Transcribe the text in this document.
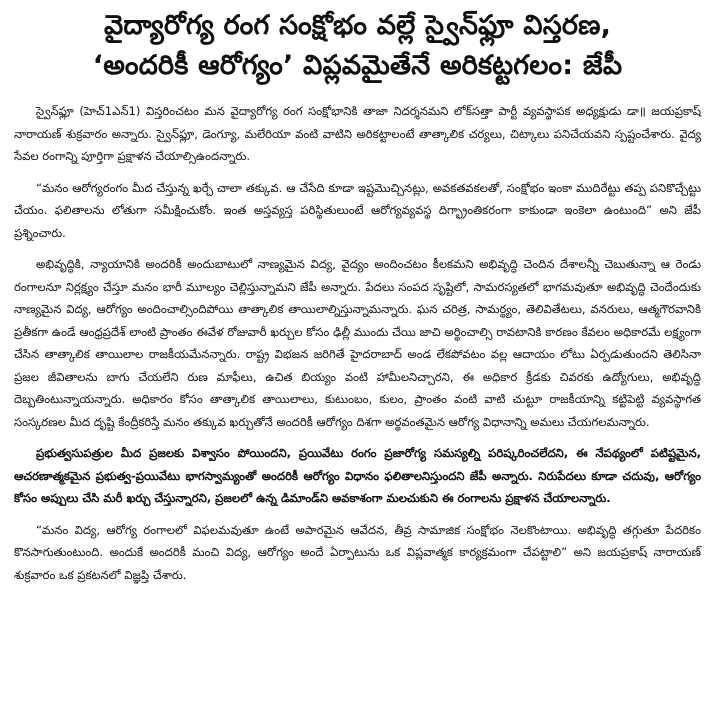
వైద్యారోగ్య రంగ సంక్షోభం వల్లే స్వైన్‌ఫ్లూ విస్తరణ,
‘అందరికీ ఆరోగ్యం’ విప్లవమైతేనే అరికట్టగలం: జేపీ

స్వైన్‌ఫ్లూ (హెచ్1ఎన్1) విస్తరించటం మన వైద్యారోగ్య రంగ సంక్షోభానికి తాజా నిదర్శనమని లోక్‌సత్తా పార్టీ వ్యవస్థాపక అధ్యక్షుడు డా॥ జయప్రకాష్ నారాయణ్ శుక్రవారం అన్నారు. స్వైన్‌ఫ్లూ, డెంగ్యూ, మలేరియా వంటి వాటిని అరికట్టాలంటే తాత్కాలిక చర్యలు, చిట్కాలు పనిచేయవని స్పష్టంచేశారు. వైద్య సేవల రంగాన్ని పూర్తిగా ప్రక్షాళన చేయాల్సిఉందన్నారు.

“మనం ఆరోగ్యరంగం మీద చేస్తున్న ఖర్చే చాలా తక్కువ. ఆ చేసేది కూడా ఇష్టమొచ్చినట్లు, అవకతవకలతో, సంక్షోభం ఇంకా ముదిరేట్టు తప్ప పనికొచ్చేట్టు చేయం. ఫలితాలను లోతుగా సమీక్షించుకోం. ఇంత అస్తవ్యస్త పరిస్థితులుంటే ఆరోగ్యవ్యవస్థ దిగ్భ్రాంతికరంగా కాకుండా ఇంకెలా ఉంటుంది” అని జేపీ ప్రశ్నించారు.

అభివృద్ధికి, న్యాయానికి అందరికీ అందుబాటులో నాణ్యమైన విద్య, వైద్యం అందించటం కీలకమని అభివృద్ధి చెందిన దేశాలన్నీ చెబుతున్నా ఆ రెండు రంగాలనూ నిర్లక్ష్యం చేస్తూ మనం భారీ మూల్యం చెల్లిస్తున్నామని జేపీ అన్నారు. పేదలు సంపద సృష్టిలో, సామరస్యతలో భాగమవుతూ అభివృద్ధి చెందేందుకు నాణ్యమైన విద్య, ఆరోగ్యం అందించాల్సిందిపోయి తాత్కాలిక తాయిలాల్నిస్తున్నామన్నారు. ఘన చరిత్ర, సామర్థ్యం, తెలివితేటలు, వనరులు, ఆత్మగౌరవానికి ప్రతీకగా ఉండే ఆంధ్రప్రదేశ్ లాంటి ప్రాంతం ఈవేళ రోజువారీ ఖర్చుల కోసం ఢిల్లీ ముందు చేయి జాచి అర్థించాల్సి రావటానికి కారణం కేవలం అధికారమే లక్ష్యంగా చేసిన తాత్కాలిక తాయిలాల రాజకీయమేనన్నారు. రాష్ట్ర విభజన జరిగితే హైదరాబాద్ అండ లేకపోవటం వల్ల ఆదాయం లోటు ఏర్పడుతుందని తెలిసినా ప్రజల జీవితాలను బాగు చేయలేని రుణ మాఫీలు, ఉచిత బియ్యం వంటి హామీలనిచ్చారని, ఈ అధికార క్రీడకు చివరకు ఉద్యోగులు, అభివృద్ధి దెబ్బతింటున్నాయన్నారు. అధికారం కోసం తాత్కాలిక తాయిలాలు, కుటుంబం, కులం, ప్రాంతం వంటి వాటి చుట్టూ రాజకీయాన్ని కట్టిపెట్టి వ్యవస్థాగత సంస్కరణల మీద దృష్టి కేంద్రీకరిస్తే మనం తక్కువ ఖర్చుతోనే అందరికీ ఆరోగ్యం దిశగా అర్థవంతమైన ఆరోగ్య విధానాన్ని అమలు చేయగలమన్నారు.

ప్రభుత్వసుపత్రుల మీద ప్రజలకు విశ్వాసం పోయిందని, ప్రయివేటు రంగం ప్రజారోగ్య సమస్యల్ని పరిష్కరించలేదని, ఈ నేపథ్యంలో పటిష్టమైన, ఆచరణాత్మకమైన ప్రభుత్వ-ప్రయివేటు భాగస్వామ్యంతో అందరికీ ఆరోగ్యం విధానం ఫలితాలనిస్తుందని జేపీ అన్నారు. నిరుపేదలు కూడా చదువు, ఆరోగ్యం కోసం అప్పులు చేసి మరీ ఖర్చు చేస్తున్నారని, ప్రజలలో ఉన్న డిమాండ్‌ని అవకాశంగా మలచుకుని ఈ రంగాలను ప్రక్షాళన చేయాలన్నారు.

“మనం విద్య, ఆరోగ్య రంగాలలో విఫలమవుతూ ఉంటే అపారమైన ఆవేదన, తీవ్ర సామాజిక సంక్షోభం నెలకొంటాయి. అభివృద్ధి తగ్గుతూ పేదరికం కొనసాగుతుంటుంది. అందుకే అందరికీ మంచి విద్య, ఆరోగ్యం అందే ఏర్పాటును ఒక విప్లవాత్మక కార్యక్రమంగా చేపట్టాలి” అని జయప్రకాష్ నారాయణ్ శుక్రవారం ఒక ప్రకటనలో విజ్ఞప్తి చేశారు.
